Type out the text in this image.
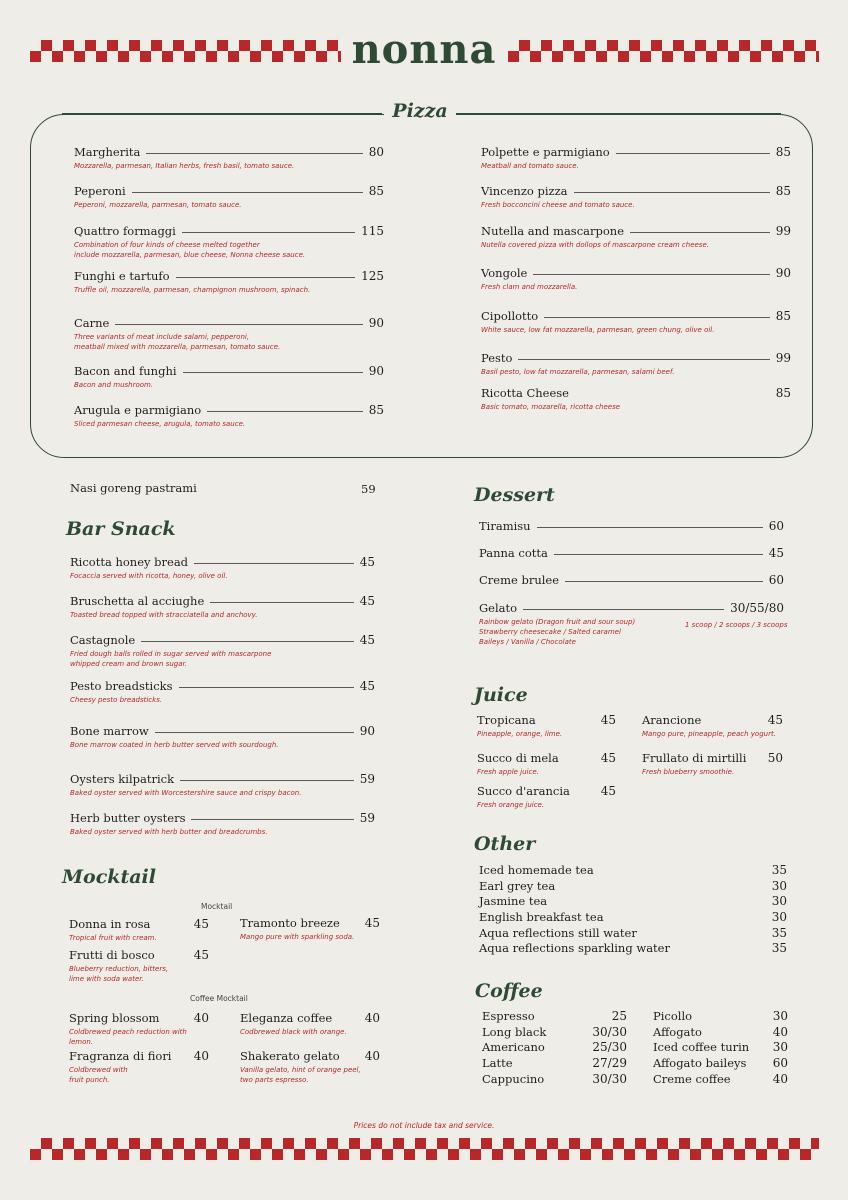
nonna
Pizza
Margherita	80
Mozzarella, parmesan, Italian herbs, fresh basil, tomato sauce.
Peperoni	85
Peperoni, mozzarella, parmesan, tomato sauce.
Quattro formaggi	115
Combination of four kinds of cheese melted together
include mozzarella, parmesan, blue cheese, Nonna cheese sauce.
Funghi e tartufo	125
Truffle oil, mozzarella, parmesan, champignon mushroom, spinach.
Carne	90
Three variants of meat include salami, pepperoni,
meatball mixed with mozzarella, parmesan, tomato sauce.
Bacon and funghi	90
Bacon and mushroom.
Arugula e parmigiano	85
Sliced parmesan cheese, arugula, tomato sauce.
Polpette e parmigiano	85
Meatball and tomato sauce.
Vincenzo pizza	85
Fresh bocconcini cheese and tomato sauce.
Nutella and mascarpone	99
Nutella covered pizza with dollops of mascarpone cream cheese.
Vongole	90
Fresh clam and mozzarella.
Cipollotto	85
White sauce, low fat mozzarella, parmesan, green chung, olive oil.
Pesto	99
Basil pesto, low fat mozzarella, parmesan, salami beef.
Ricotta Cheese	85
Basic tomato, mozarella, ricotta cheese
Nasi goreng pastrami	59
Bar Snack
Ricotta honey bread	45
Focaccia served with ricotta, honey, olive oil.
Bruschetta al acciughe	45
Toasted bread topped with stracciatella and anchovy.
Castagnole	45
Fried dough balls rolled in sugar served with mascarpone
whipped cream and brown sugar.
Pesto breadsticks	45
Cheesy pesto breadsticks.
Bone marrow	90
Bone marrow coated in herb butter served with sourdough.
Oysters kilpatrick	59
Baked oyster served with Worcestershire sauce and crispy bacon.
Herb butter oysters	59
Baked oyster served with herb butter and breadcrumbs.
Mocktail
Mocktail
Coffee Mocktail
Donna in rosa	45
Tropical fruit with cream.
Tramonto breeze 45
Mango pure with sparkling soda.
Frutti di bosco	45
Blueberry reduction, bitters,
lime with soda water.
Spring blossom	40
Coldbrewed peach reduction with lemon.
Eleganza coffee	40
Codbrewed black with orange.
Fragranza di fiori 40
Coldbrewed with
fruit punch.
Shakerato gelato 40
Vanilla gelato, hint of orange peel,
two parts espresso.
Dessert
Tiramisu	60
Panna cotta	45
Creme brulee	60
Gelato	30/55/80
Rainbow gelato (Dragon fruit and sour soup)
Strawberry cheesecake / Salted caramel
Baileys / Vanilla / Chocolate
1 scoop / 2 scoops / 3 scoops
Juice
Tropicana	45
Pineapple, orange, lime.
Arancione	45
Mango pure, pineapple, peach yogurt.
Succo di mela	45
Fresh apple juice.
Frullato di mirtilli 50
Fresh blueberry smoothie.
Succo d'arancia	45
Fresh orange juice.
Other
Iced homemade tea	35
Earl grey tea	30
Jasmine tea	30
English breakfast tea	30
Aqua reflections still water	35
Aqua reflections sparkling water	35
Coffee
Espresso	25
Long black	30/30
Americano	25/30
Latte	27/29
Cappucino	30/30
Picollo	30
Affogato	40
Iced coffee turin 30
Affogato baileys 60
Creme coffee	40
Prices do not include tax and service.
